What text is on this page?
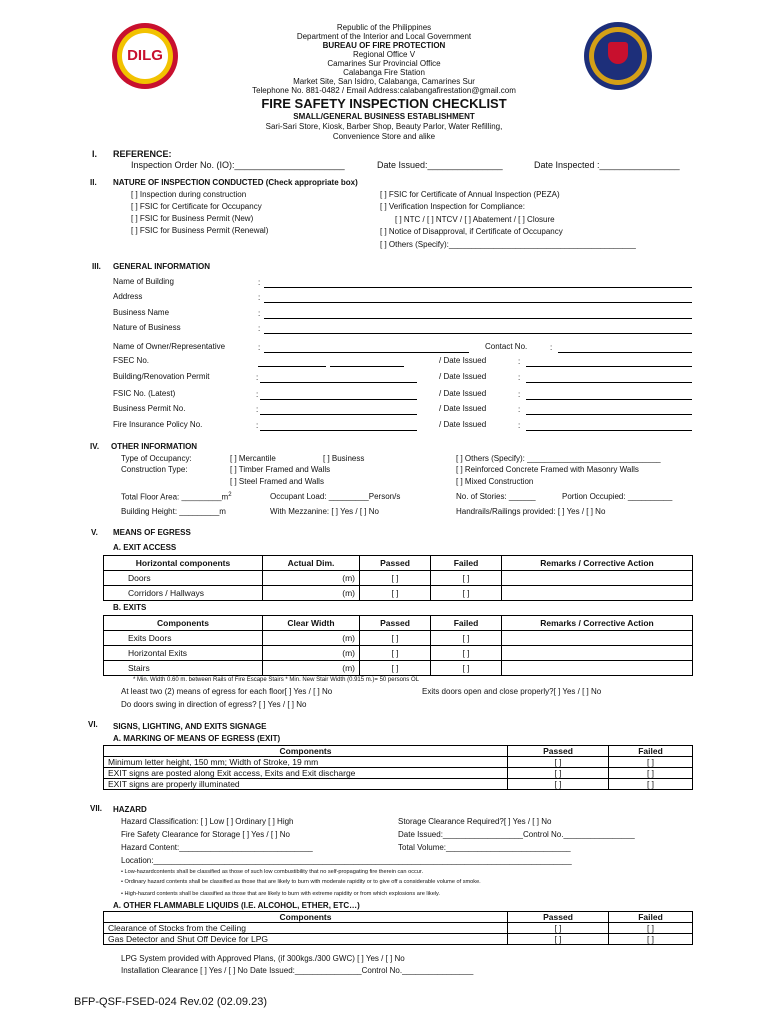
DILG
Republic of the Philippines
Department of the Interior and Local Government
BUREAU OF FIRE PROTECTION
Regional Office V
Camarines Sur Provincial Office
Calabanga Fire Station
Market Site, San Isidro, Calabanga, Camarines Sur
Telephone No. 881-0482 / Email Address:calabangafirestation@gmail.com
FIRE SAFETY INSPECTION CHECKLIST
SMALL/GENERAL BUSINESS ESTABLISHMENT
Sari-Sari Store, Kiosk, Barber Shop, Beauty Parlor, Water Refilling,
Convenience Store and alike
I. REFERENCE:
Inspection Order No. (IO):______________________	Date Issued:_______________	Date Inspected :________________
II. NATURE OF INSPECTION CONDUCTED (Check appropriate box)
[ ] Inspection during construction
[ ] FSIC for Certificate for Occupancy
[ ] FSIC for Business Permit (New)
[ ] FSIC for Business Permit (Renewal)
[ ] FSIC for Certificate of Annual Inspection (PEZA)
[ ] Verification Inspection for Compliance:
[ ] NTC / [ ] NTCV / [ ] Abatement / [ ] Closure
[ ] Notice of Disapproval, if Certificate of Occupancy
[ ] Others (Specify):__________________________________________
III. GENERAL INFORMATION
Name of Building	:
Address	:
Business Name	:
Nature of Business	:
Name of Owner/Representative	:	Contact No.	:
FSEC No.	/ Date Issued	:
Building/Renovation Permit	:	/ Date Issued	:
FSIC No. (Latest)	:	/ Date Issued	:
Business Permit No.	:	/ Date Issued	:
Fire Insurance Policy No.	:	/ Date Issued	:
IV. OTHER INFORMATION
Type of Occupancy:	[ ] Mercantile	[ ] Business	[ ] Others (Specify): ______________________________
Construction Type:	[ ] Timber Framed and Walls
[ ] Steel Framed and Walls
[ ] Reinforced Concrete Framed with Masonry Walls
[ ] Mixed Construction
Total Floor Area: $\_\_\_\_\_\_\_\_\_m^2$	Occupant Load: _________Person/s	No. of Stories: ______	Portion Occupied: __________
Building Height: _________m	With Mezzanine: [ ] Yes / [ ] No	Handrails/Railings provided: [ ] Yes / [ ] No
V. MEANS OF EGRESS
A. EXIT ACCESS
Horizontal components	Actual Dim.	Passed	Failed	Remarks / Corrective Action
Doors	(m)	[ ]	[ ]	
Corridors / Hallways	(m)	[ ]	[ ]	
B. EXITS
Components	Clear Width	Passed	Failed	Remarks / Corrective Action
Exits Doors	(m)	[ ]	[ ]	
Horizontal Exits	(m)	[ ]	[ ]	
Stairs	(m)	[ ]	[ ]	
* Min. Width 0.60 m. between Rails of Fire Escape Stairs * Min. New Stair Width (0.915 m.)= 50 persons OL
At least two (2) means of egress for each floor[ ] Yes / [ ] No	Exits doors open and close properly?[ ] Yes / [ ] No
Do doors swing in direction of egress? [ ] Yes / [ ] No
VI. SIGNS, LIGHTING, AND EXITS SIGNAGE
A. MARKING OF MEANS OF EGRESS (EXIT)
Components	Passed	Failed
Minimum letter height, 150 mm; Width of Stroke, 19 mm	[ ]	[ ]
EXIT signs are posted along Exit access, Exits and Exit discharge	[ ]	[ ]
EXIT signs are properly illuminated	[ ]	[ ]
VII. HAZARD
Hazard Classification: [ ] Low [ ] Ordinary [ ] High	Storage Clearance Required?[ ] Yes / [ ] No
Fire Safety Clearance for Storage [ ] Yes / [ ] No	Date Issued:__________________Control No.________________
Hazard Content:______________________________	Total Volume:____________________________
Location:______________________________________________________________________________________________
• Low-hazardcontents shall be classified as those of such low combustibility that no self-propagating fire therein can occur.
• Ordinary hazard contents shall be classified as those that are likely to burn with moderate rapidity or to give off a considerable volume of smoke.
• High-hazard contents shall be classified as those that are likely to burn with extreme rapidity or from which explosions are likely.
A. OTHER FLAMMABLE LIQUIDS (I.E. ALCOHOL, ETHER, ETC…)
Components	Passed	Failed
Clearance of Stocks from the Ceiling	[ ]	[ ]
Gas Detector and Shut Off Device for LPG	[ ]	[ ]
LPG System provided with Approved Plans, (if 300kgs./300 GWC) [ ] Yes / [ ] No
Installation Clearance [ ] Yes / [ ] No Date Issued:_______________Control No.________________
BFP-QSF-FSED-024 Rev.02 (02.09.23)
